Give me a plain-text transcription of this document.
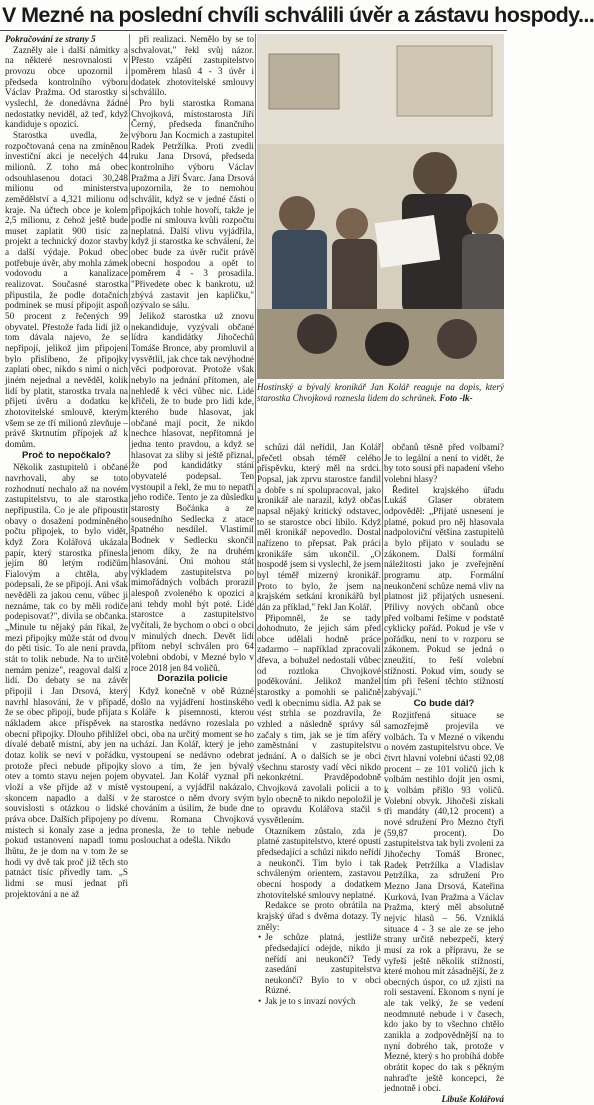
V Mezné na poslední chvíli schválili úvěr a zástavu hospody...

Pokračování ze strany 5

Zazněly ale i další námitky a na některé nesrovnalosti v provozu obce upozornil i předseda kontrolního výboru Václav Pražma. Od starostky si vyslechl, že donedávna žádné nedostatky neviděl, až teď, když kandiduje s opozicí.

Starostka uvedla, že rozpočtovaná cena na zmíněnou investiční akci je necelých 44 milionů. Z toho má obec odsouhlasenou dotaci 30,248 milionu od ministerstva zemědělství a 4,321 milionu od kraje. Na účtech obce je kolem 2,5 milionu, z čehož ještě bude muset zaplatit 900 tisíc za projekt a technický dozor stavby a další výdaje. Pokud obec potřebuje úvěr, aby mohla zámek vodovodu a kanalizace realizovat. Současné starostka připustila, že podle dotačních podmínek se musí připojit aspoň 50 procent z řečených 99 obyvatel. Přestože řada lidí již o tom dávala najevo, že se nepřipojí, jelikož jim připojení bylo přislíbeno, že připojky zaplatí obec, nikdo s nimi o nich jiném nejednal a nevěděl, kolik lidí by platit, starostka trvala na přijetí úvěru a dodatku ke zhotovitelské smlouvě, kterým všem se ze tří milionů zlevňuje – právě škrtnutím přípojek až k domům.

Proč to nepočkalo?

Několik zastupitelů i občané navrhovali, aby se toto rozhodnutí nechalo až na novém zastupitelstvu, to ale starostka nepřipustila. Co je ale připoustit obavy o dosažení podmíněného počtu připojek, to bylo vidět, když Zora Kolářová ukázala papír, který starostka přinesla jejím 80 letým rodičům Fialovým a chtěla, aby podepsali, že se připojí. Ani však nevěděli za jakou cenu, vůbec ji neznáme, tak co by měli rodiče podepisovat?", divila se občanka. „Minule tu nějaký pán říkal, že mezi připojky může stát od dvou do pěti tisíc. To ale není pravda, stát to tolik nebude. Na to určitě nemám penize", reagoval další z lidí. Do debaty se na závěr připojil i Jan Drsová, který navrhl hlasování, že v případě, že se obec připojí, bude přijata s nákladem akce příspěvek na obecní připojky. Dlouho přihlížel dívalé debatě místní, aby jen na dotaz kolik se neví v pořádku, protože přeci nebude připojky otev a tomto stavu nejen pojem vloží a vše přijde až v místě skoncem napadlo a další v souvislosti s otázkou o lidské práva obce. Dalších připojeny po místech si konaly zase a jedna pokud ustanovení napadl tomu lhůtu, že je dom na v tom že se hodi vy dvě tak proč již těch sto patnáct tisíc přivedly tam. „S lidmi se musí jednat při projektování a ne až

při realizaci. Nemělo by se to schvalovat," řekl svůj názor. Přesto vzápětí zastupitelstvo poměrem hlasů 4 - 3 úvěr i dodatek zhotovitelské smlouvy schválilo.

Pro byli starostka Romana Chvojková, místostarosta Jiří Černý, předseda finančního výboru Jan Kocmich a zastupitel Radek Petržílka. Proti zvedli ruku Jana Drsová, předseda kontrolního výboru Václav Pražma a Jiří Švarc. Jana Drsová upozornila, že to nemohou schválit, když se v jedné části o připojkách tohle hovoří, takže je podle ní smlouva kvůli rozpočtu neplatná. Další vlivu vyjádřila, když ji starostka ke schválení, že obec bude za úvěr ručit právě obecní hospodou a opět to poměrem 4 - 3 prosadila. "Přivedete obec k bankrotu, už zbývá zastavit jen kapličku," ozývalo se sálu.

Jelikož starostka už znovu nekandiduje, vyzývali občané lídra kandidátky Jihočechů Tomáše Bronce, aby promluvil a vysvětlil, jak chce tak nevýhodné věci podporovat. Protože však nebylo na jednání přítomen, ale nehledě k věci vůbec nic. Lidé křičeli, že to bude pro lidi kde, kterého bude hlasovat, jak občané mají pocit, že nikdo nechce hlasovat, nepřítomná je jedna tento pravdou, a když se hlasovat za sliby si ještě přiznal, že pod kandidátky stání obyvatelé podepsal. Ten vystoupil a řekl, že mu to nepatří jeho rodiče. Tento je za důsledku starosty Bočánka a ze sousedního Sedlecka z atace špatného nesdílel. Vlastimil Bodnek v Sedlecku skončil jenom díky, že na druhém hlasování. Oni mohou stát výkladem zastupitelstva po mimořádných volbách prorazil alespoň zvoleného k opozici a ani tehdy mohl být poté. Lidé starostce a zastupitelstvo vyčítali, že bychom o obci o obci v minulých dnech. Devět lidí přítom nebyl schválen pro 64 volební období, v Mezné bylo v roce 2018 jen 84 voličů.

Dorazila policie

Když konečně v obě Rúzné došlo na vyjádření hostinského Koláře k písemnosti, kterou starostka nedávno rozeslala po obci, oba na určitý moment se ho uchází. Jan Kolář, který je jeho vystoupení se nedávno odebrat slovo a tím, že jen bývalý obyvatel. Jan Kolář vyznal při vystoupení, a vyjádřil nakázalo, že starostce o něm dvory svým chováním a úsilím, že bude dne dívenu. Romana Chvojková pronesla, že to tehle nebude poslouchat a odešla. Nikdo

Hostinský a bývalý kronikář Jan Kolář reaguje na dopis, který starostka Chvojková roznesla lidem do schránek. Foto -lk-

schůzi dál neřídil, Jan Kolář přečetl obsah téměř celého příspěvku, který měl na srdci. Popsal, jak zprvu starostce fandil a dobře s ní spolupracoval, jako kronikář ale narazil, když občas napsal nějaký kritický odstavec, to se starostce obci líbilo. Když měl kronikář nepovedlo. Dostal nařízeno to přepsat. Pak práci kronikáře sám ukončil. „O hospodě jsem si vyslechl, že jsem byl téměř mizerný kronikář. Proto to bylo, že jsem na krajském setkání kronikářů byl dán za příklad," řekl Jan Kolář.

Připomněl, že se tady dohodnuto, že jejich sám před obce udělali hodně práce zadarmo – například zpracovali dřeva, a bohužel nedostali vůbec od roztloka Chvojkové poděkování. Jelikož manžel starostky a pomohli se paličně vedl k obecnímu sidla. Až pak se vést strhla se pozdravila, že vzhled a následně správy sál začaly s tím, jak se je tím aféry zaměstnání v zastupitelstvu jednání. A o dalších se je obci všechnu starosty vadí věci nikdo nekonkrétní. Pravděpodobně Chvojková zavolali policii a to bylo obecně to nikdo nepoložil je to opravdu Kolářova stačil s vysvětlením.

Otazníkem zůstalo, zda je platné zastupitelstvo, které opustí předsedající a schůzi nikdo neřídí a neukončí. Tím bylo i tak schváleným orientem, zastavou obecní hospody a dodatkem zhotovitelské smlouvy neplatné.

Redakce se proto obrátila na krajský úřad s dvěma dotazy. Ty zněly:

• Je schůze platná, jestliže předsedající odejde, nikdo ji neřídí ani neukončí? Tedy zasedání zastupitelstva neukončí? Bylo to v obci Rúzné.

• Jak je to s invazí nových

občanů těsně před volbami? Je to legální a není to vidět, že by toto sousí při napadení všeho volební hlasy?

Ředitel krajského úřadu Lukáš Glaser obratem odpověděl: „Přijaté usnesení je platné, pokud pro něj hlasovala nadpoloviční většina zastupitelů a bylo přijato v souladu se zákonem. Další formální náležitosti jako je zveřejnění programu atp. Formální neukončení schůze nemá vliv na platnost již přijatých usnesení. Přílivy nových občanů obce před volbami řešíme v podstatě cyklicky pořád. Pokud je vše v pořádku, není to v rozporu se zákonem. Pokud se jedná o zneužití, to řeší volební stížnosti. Pokud vím, soudy se tím při řešení těchto stížností zabývají."

Co bude dál?

Rozjitřená situace se samozřejmě projevila ve volbách. Ta v Mezné o víkendu o novém zastupitelstvu obce. Ve čtvrt hlavní volební účasti 92,08 procent – ze 101 voličů jich k volbám nestihlo dojít jen osmi, k volbám přišlo 93 voličů. Volební obvyk. Jihočeši získali tři mandáty (40,12 procent) a nové sdružení Pro Mezno čtyři (59,87 procent). Do zastupitelstva tak byli zvoleni za Jihočechy Tomáš Bronec, Radek Petržílka a Vladislav Petržílka, za sdružení Pro Mezno Jana Drsová, Kateřina Kurková, Ivan Pražma a Václav Pražma, který měl absolutně nejvíc hlasů – 56. Vzniklá situace 4 - 3 se ale ze se jeho strany určitě nebezpečí, který musí za rok a přípravu, že se vyřeší ještě několik stížností, které mohou mít zásadnější, že z obecných úspor, co už zjistí na roli sestavení. Ekonom s nyní je ale tak velký, že se vedení neodmnuté nebude i v časech, kdo jako by to všechno chtělo zanikla a zodpovědnější na to nyní dobrého tak, protože v Mezné, který s ho probíhá dobře obrátit kopec do tak s pěkným nahraďte ještě koncepci, že jednotně i obci.

Libuše Kolářová
